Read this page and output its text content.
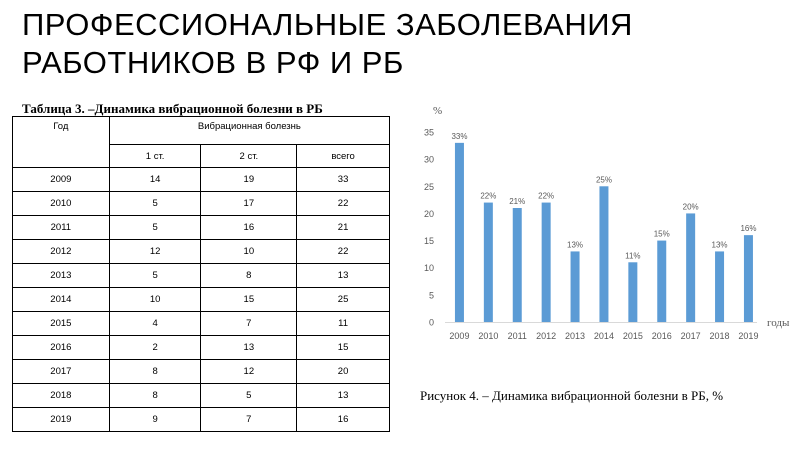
ПРОФЕССИОНАЛЬНЫЕ ЗАБОЛЕВАНИЯ
РАБОТНИКОВ В РФ И РБ
Таблица 3. –Динамика вибрационной болезни в РБ
Год	Вибрационная болезнь		
	1 ст.	2 ст.	всего
2009	14	19	33
2010	5	17	22
2011	5	16	21
2012	12	10	22
2013	5	8	13
2014	10	15	25
2015	4	7	11
2016	2	13	15
2017	8	12	20
2018	8	5	13
2019	9	7	16
%
годы
0
5
10
15
20
25
30
35 33%
22%
21%
22%
13%
25%
11%
15%
20%
13%
16%
2009 2010 2011 2012 2013 2014 2015 2016 2017 2018 2019
Рисунок 4. – Динамика вибрационной болезни в РБ, %
